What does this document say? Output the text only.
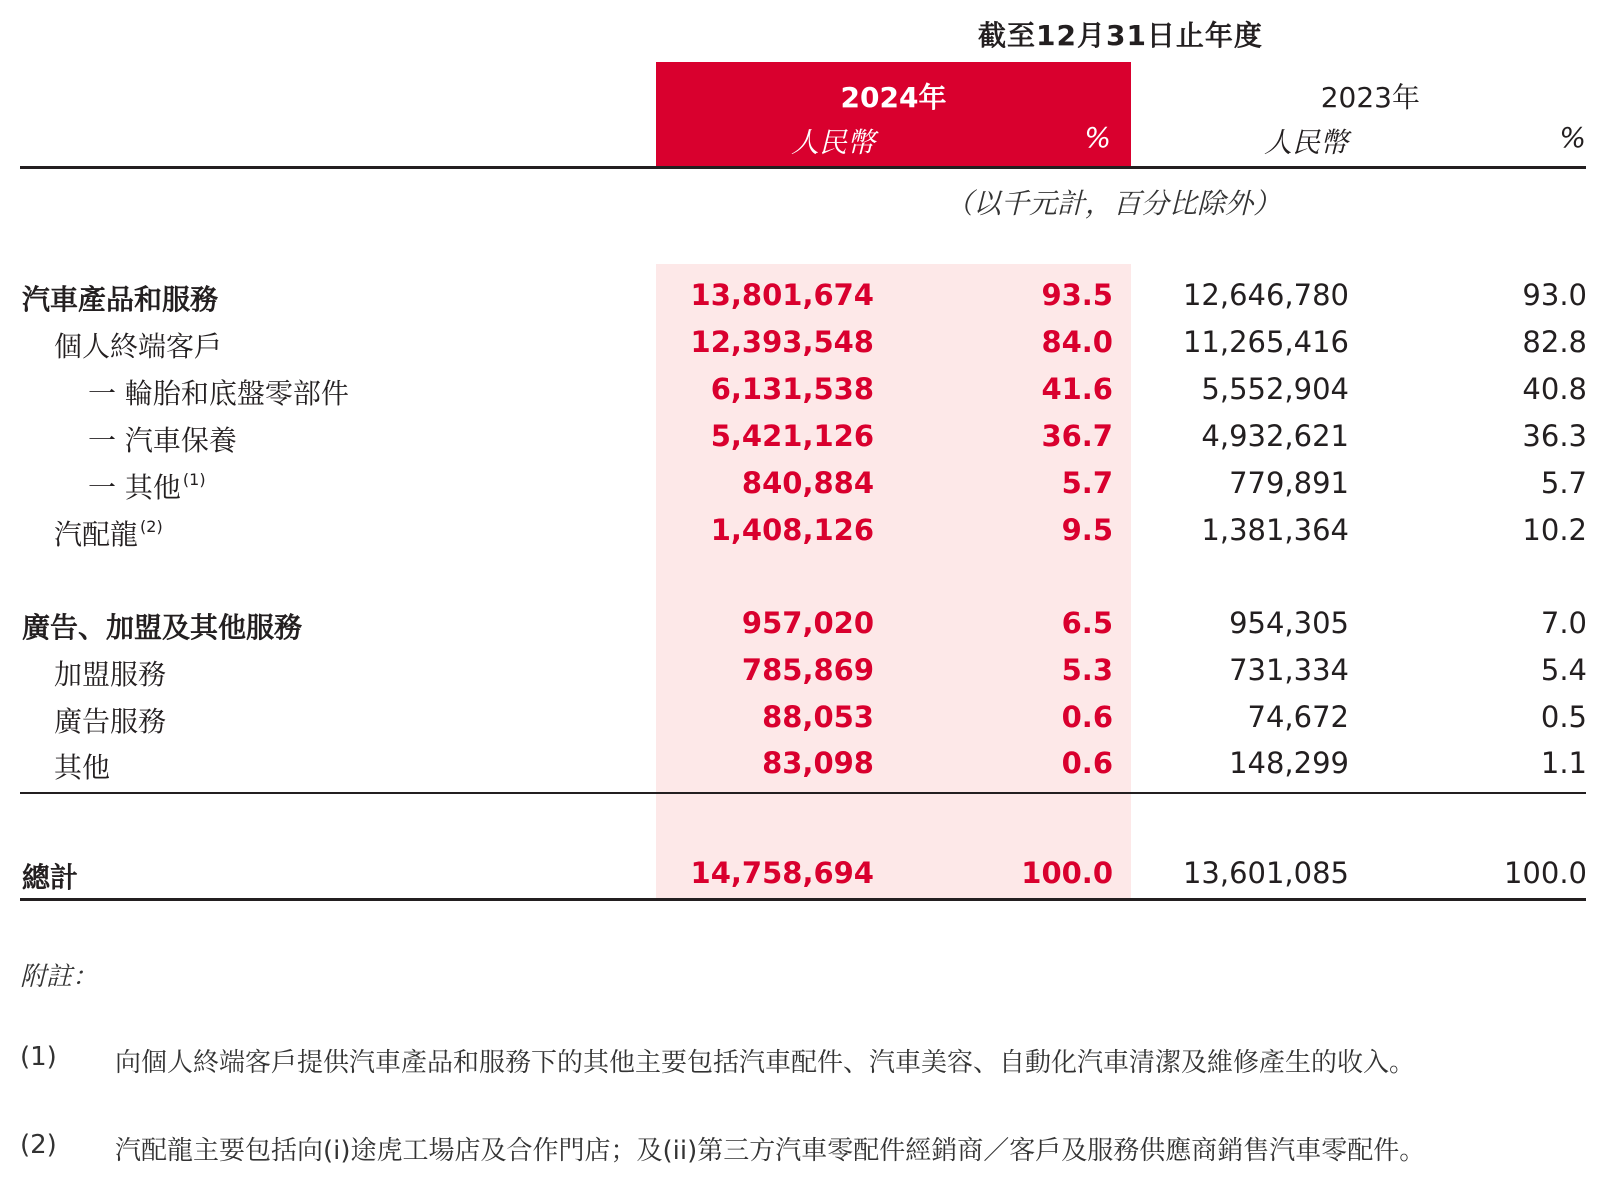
截至12月31日止年度
2024年
人民幣	%
2023年
人民幣	%
（以千元計，百分比除外）
汽車產品和服務	13,801,674	93.5 12,646,780	93.0
個人終端客戶	12,393,548	84.0 11,265,416	82.8
一 輪胎和底盤零部件	6,131,538	41.6	5,552,904	40.8
一 汽車保養	5,421,126	36.7	4,932,621	36.3
一 其他 $^{(1)}$	840,884	5.7	779,891	5.7
汽配龍 $^{(2)}$	1,408,126	9.5	1,381,364	10.2
廣告、加盟及其他服務	957,020	6.5	954,305	7.0
加盟服務	785,869	5.3	731,334	5.4
廣告服務	88,053	0.6	74,672	0.5
其他	83,098	0.6	148,299	1.1
總計	14,758,694	100.0 13,601,085	100.0
附註：
(1) 向個人終端客戶提供汽車產品和服務下的其他主要包括汽車配件、汽車美容、自動化汽車清潔及維修產生的收入。
(2) 汽配龍主要包括向(i)途虎工場店及合作門店；及(ii)第三方汽車零配件經銷商／客戶及服務供應商銷售汽車零配件。
